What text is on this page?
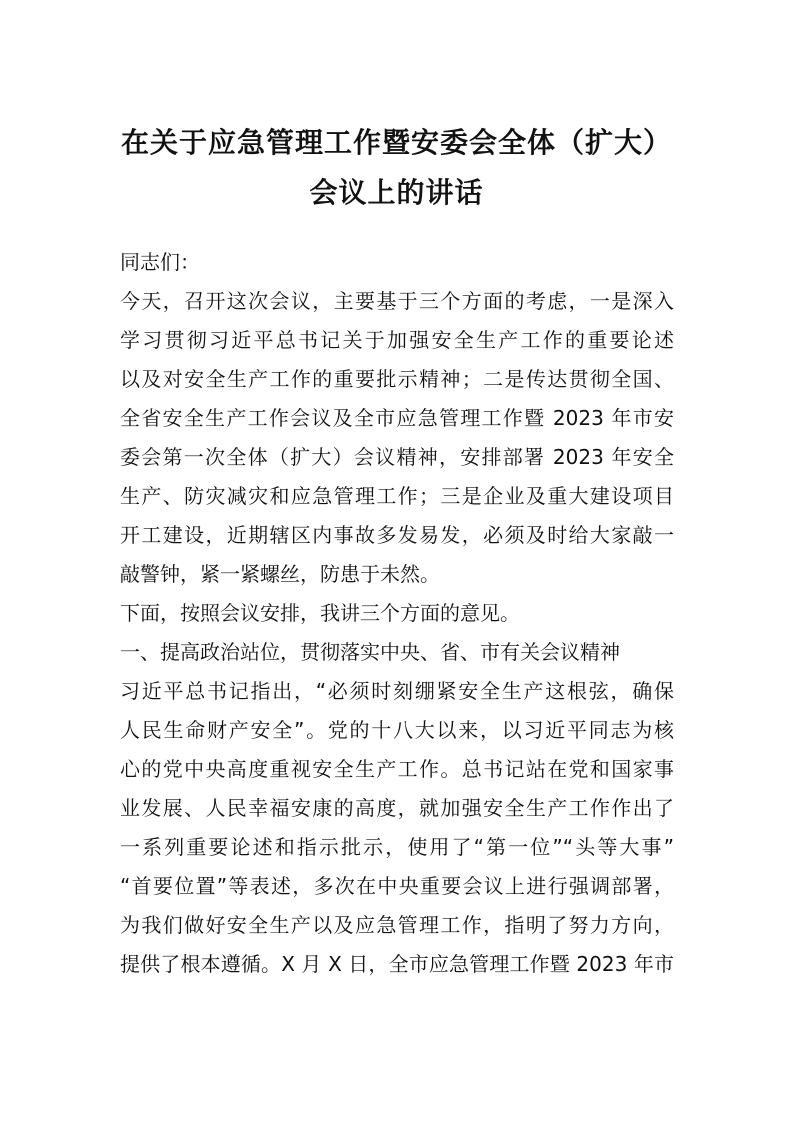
在关于应急管理工作暨安委会全体（扩大）
会议上的讲话
同志们：
今天，召开这次会议，主要基于三个方面的考虑，一是深入
学习贯彻习近平总书记关于加强安全生产工作的重要论述
以及对安全生产工作的重要批示精神；二是传达贯彻全国、
全省安全生产工作会议及全市应急管理工作暨 2023 年市安
委会第一次全体（扩大）会议精神，安排部署 2023 年安全
生产、防灾减灾和应急管理工作；三是企业及重大建设项目
开工建设，近期辖区内事故多发易发，必须及时给大家敲一
敲警钟，紧一紧螺丝，防患于未然。
下面，按照会议安排，我讲三个方面的意见。
一、提高政治站位，贯彻落实中央、省、市有关会议精神
习近平总书记指出，“必须时刻绷紧安全生产这根弦，确保
人民生命财产安全”。党的十八大以来，以习近平同志为核
心的党中央高度重视安全生产工作。总书记站在党和国家事
业发展、人民幸福安康的高度，就加强安全生产工作作出了
一系列重要论述和指示批示，使用了“第一位”“头等大事”
“首要位置”等表述，多次在中央重要会议上进行强调部署，
为我们做好安全生产以及应急管理工作，指明了努力方向，
提供了根本遵循。X 月 X 日，全市应急管理工作暨 2023 年市
